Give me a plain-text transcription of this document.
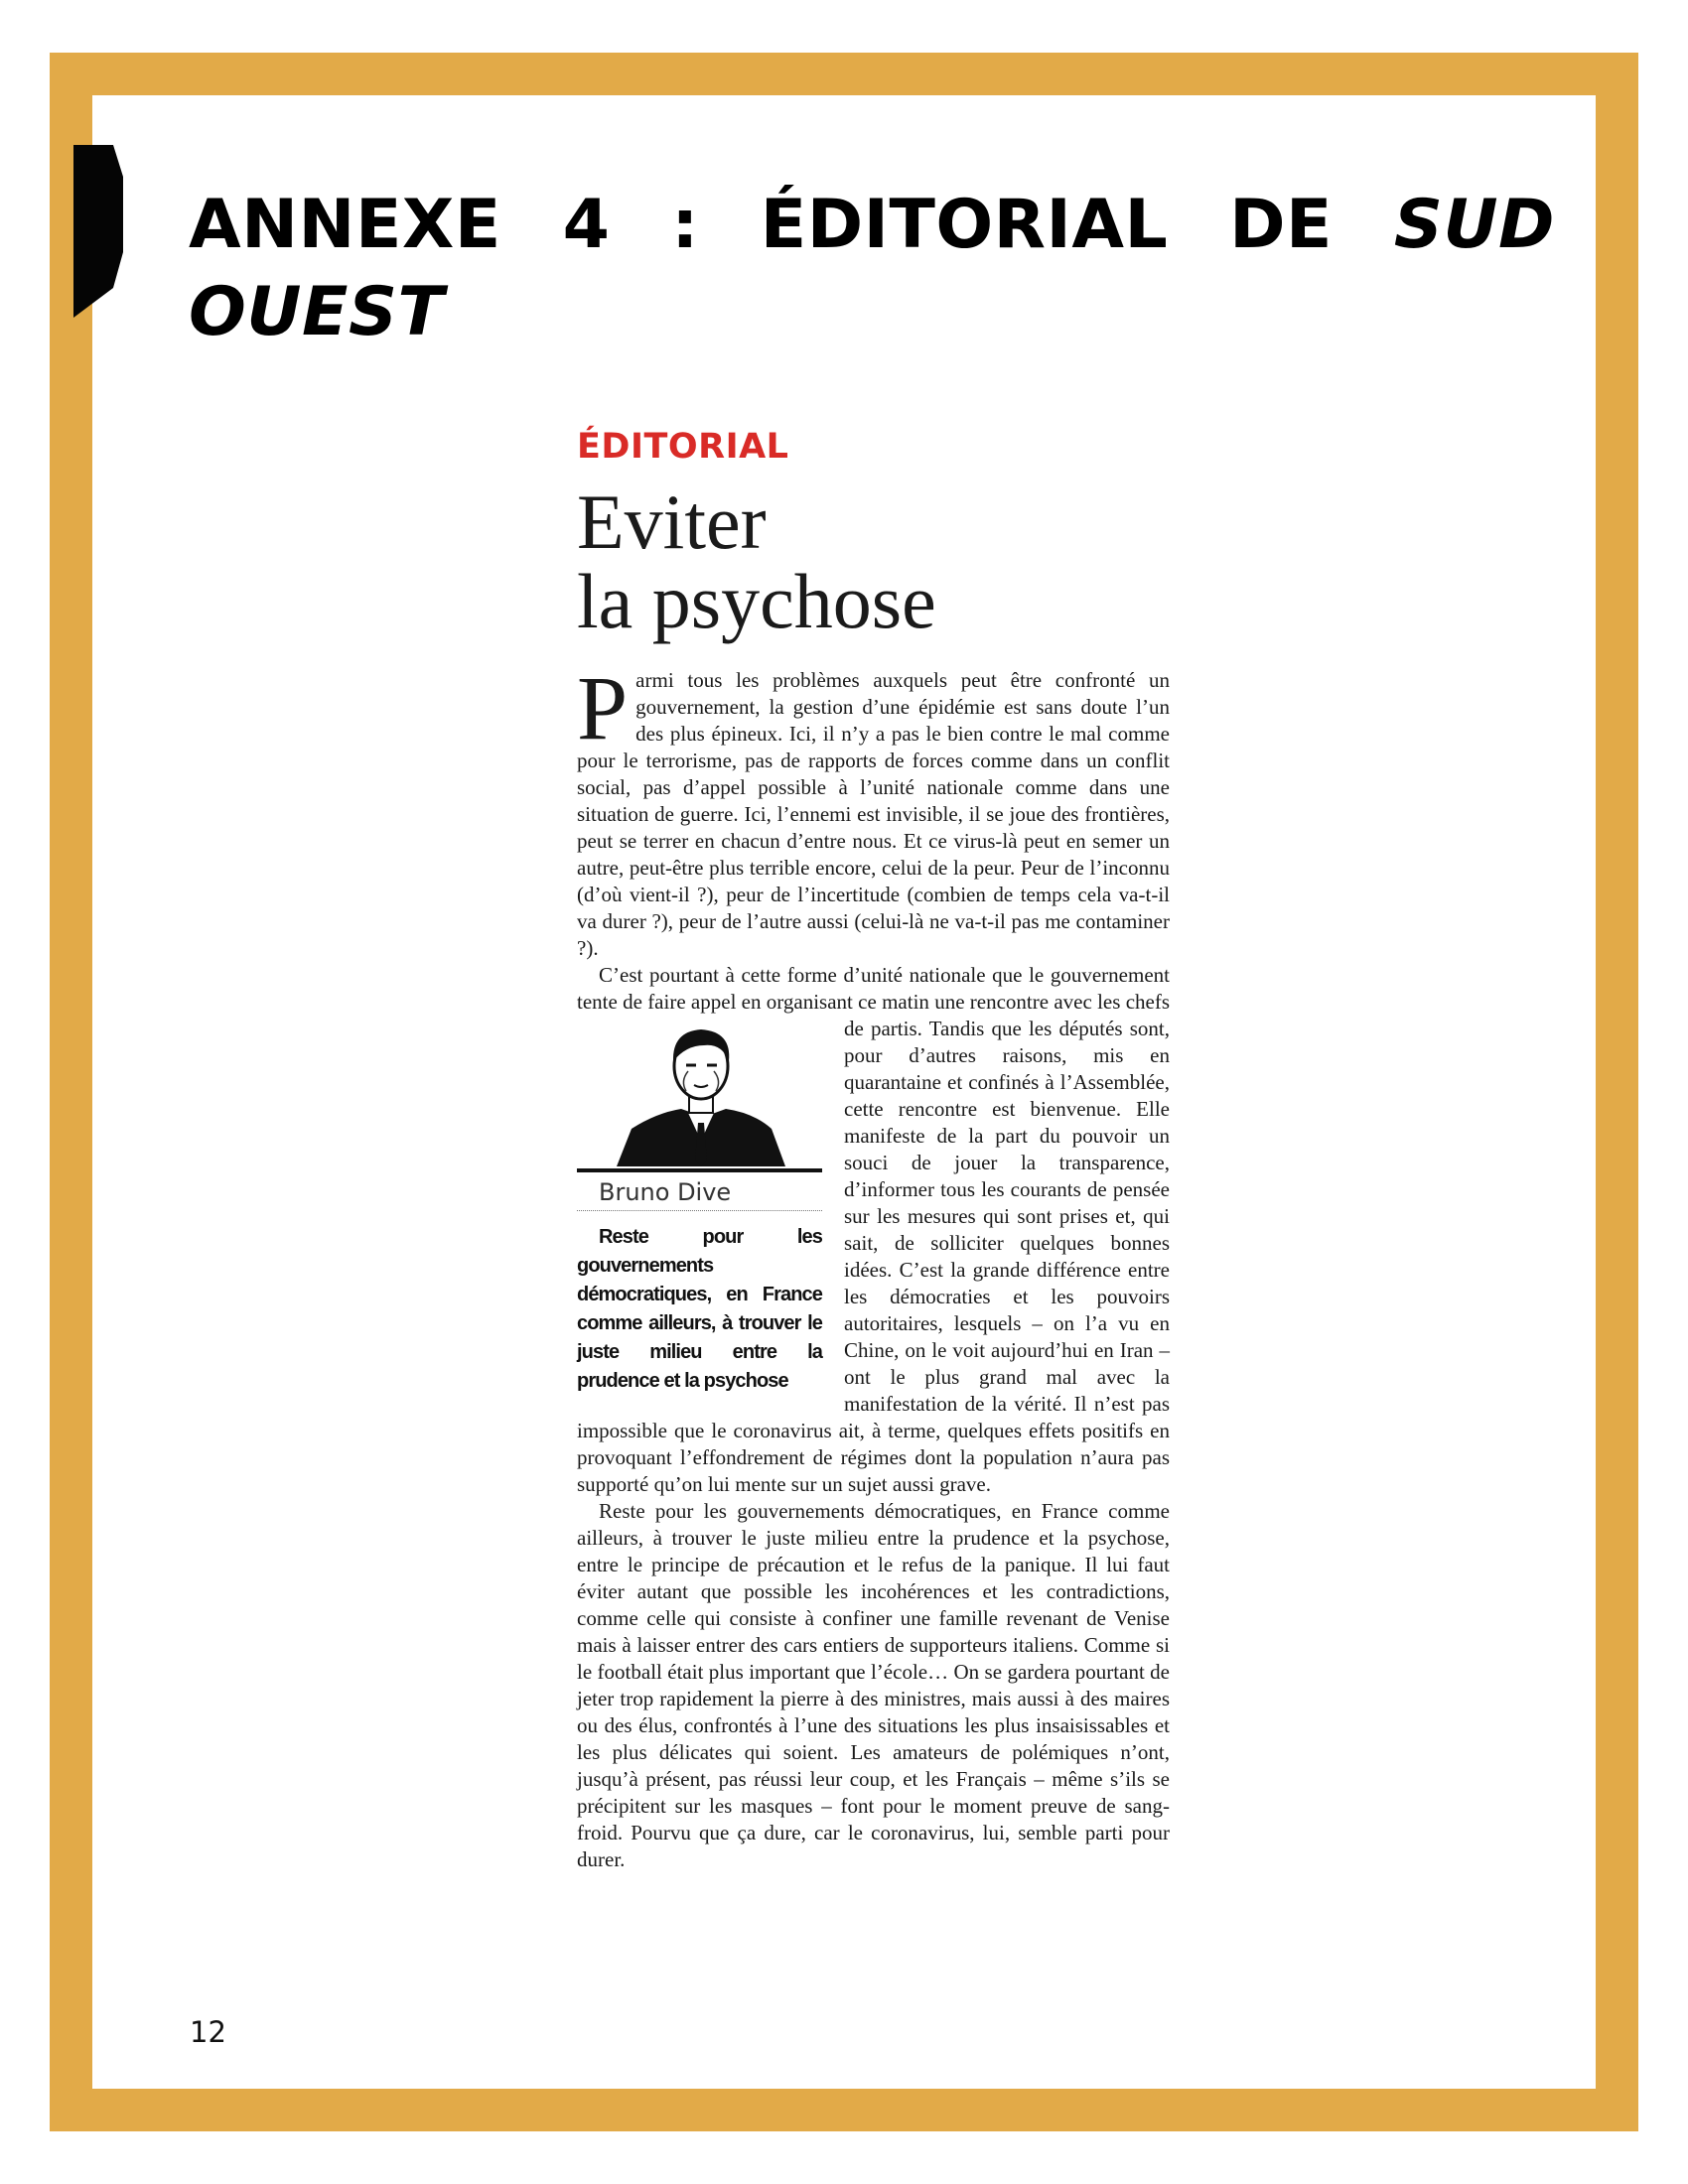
ANNEXE 4 : ÉDITORIAL DE SUD OUEST
ÉDITORIAL
Eviter
la psychose

P armi tous les problèmes auxquels peut être confronté un gouvernement, la gestion d’une épidémie est sans doute l’un des plus épineux. Ici, il n’y a pas le bien contre le mal comme pour le terrorisme, pas de rapports de forces comme dans un conflit social, pas d’appel possible à l’unité nationale comme dans une situation de guerre. Ici, l’ennemi est invisible, il se joue des frontières, peut se terrer en chacun d’entre nous. Et ce virus-là peut en semer un autre, peut-être plus terrible encore, celui de la peur. Peur de l’inconnu (d’où vient-il ?), peur de l’incertitude (combien de temps cela va-t-il va durer ?), peur de l’autre aussi (celui-là ne va-t-il pas me contaminer ?).

C’est pourtant à cette forme d’unité nationale que le gouvernement tente de faire appel en organisant ce matin
Bruno Dive
Reste pour les gouvernements démocratiques, en France comme ailleurs, à trouver le juste milieu entre la prudence et la psychose
une rencontre avec les chefs de partis. Tandis que les députés sont, pour d’autres raisons, mis en quarantaine et confinés à l’Assemblée, cette rencontre est bienvenue. Elle manifeste de la part du pouvoir un souci de jouer la transparence, d’informer tous les courants de pensée sur les mesures qui sont prises et, qui sait, de solliciter quelques bonnes idées. C’est la grande différence entre les démocraties et les pouvoirs autoritaires, lesquels – on l’a vu en Chine, on le voit aujourd’hui en Iran – ont le plus grand mal avec la manifestation de la vérité. Il n’est pas impossible que le coronavirus ait, à terme, quelques effets positifs en provoquant l’effondrement de régimes dont la population n’aura pas supporté qu’on lui mente sur un sujet aussi grave.

Reste pour les gouvernements démocratiques, en France comme ailleurs, à trouver le juste milieu entre la prudence et la psychose, entre le principe de précaution et le refus de la panique. Il lui faut éviter autant que possible les incohérences et les contradictions, comme celle qui consiste à confiner une famille revenant de Venise mais à laisser entrer des cars entiers de supporteurs italiens. Comme si le football était plus important que l’école… On se gardera pourtant de jeter trop rapidement la pierre à des ministres, mais aussi à des maires ou des élus, confrontés à l’une des situations les plus insaisissables et les plus délicates qui soient. Les amateurs de polémiques n’ont, jusqu’à présent, pas réussi leur coup, et les Français – même s’ils se précipitent sur les masques – font pour le moment preuve de sang-froid. Pourvu que ça dure, car le coronavirus, lui, semble parti pour durer.

12
